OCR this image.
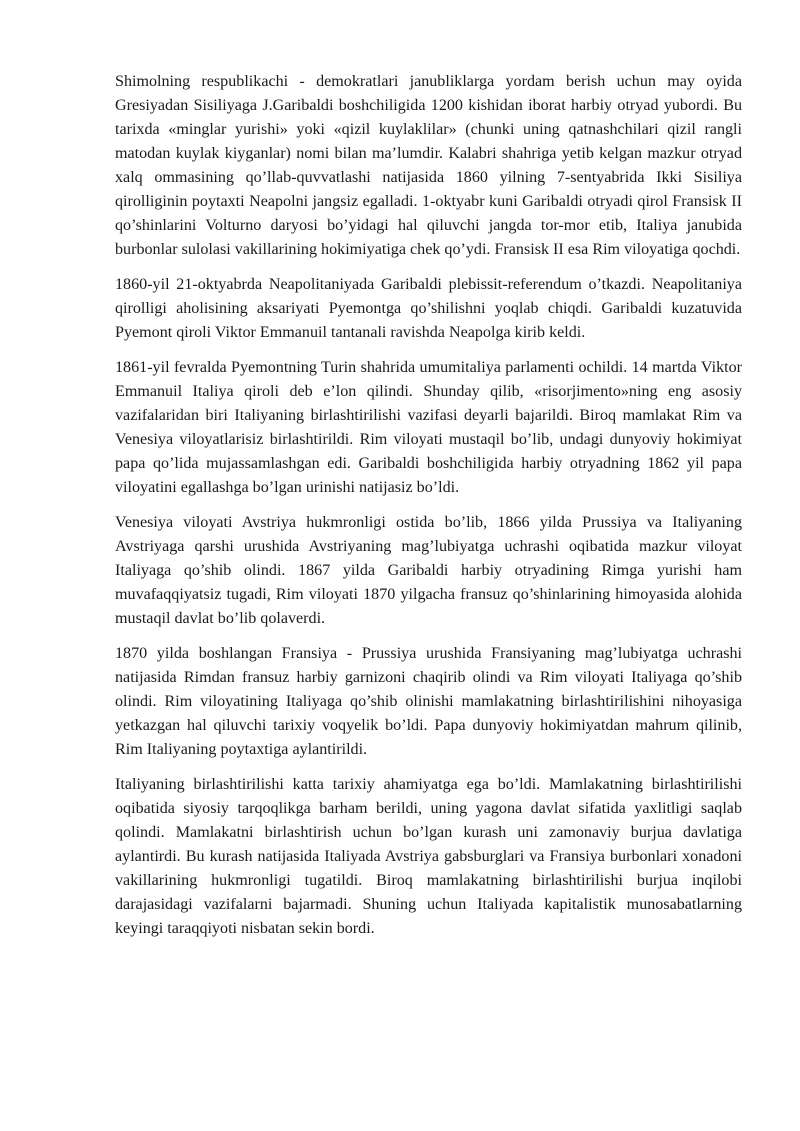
Shimolning respublikachi - demokratlari janubliklarga yordam berish uchun may oyida Gresiyadan Sisiliyaga J.Garibaldi boshchiligida 1200 kishidan iborat harbiy otryad yubordi. Bu tarixda «minglar yurishi» yoki «qizil kuylaklilar» (chunki uning qatnashchilari qizil rangli matodan kuylak kiyganlar) nomi bilan ma’lumdir. Kalabri shahriga yetib kelgan mazkur otryad xalq ommasining qo’llab-quvvatlashi natijasida 1860 yilning 7-sentyabrida Ikki Sisiliya qirolliginin poytaxti Neapolni jangsiz egalladi. 1-oktyabr kuni Garibaldi otryadi qirol Fransisk II qo’shinlarini Volturno daryosi bo’yidagi hal qiluvchi jangda tor-mor etib, Italiya janubida burbonlar sulolasi vakillarining hokimiyatiga chek qo’ydi. Fransisk II esa Rim viloyatiga qochdi.

1860-yil 21-oktyabrda Neapolitaniyada Garibaldi plebissit-referendum o’tkazdi. Neapolitaniya qirolligi aholisining aksariyati Pyemontga qo’shilishni yoqlab chiqdi. Garibaldi kuzatuvida Pyemont qiroli Viktor Emmanuil tantanali ravishda Neapolga kirib keldi.

1861-yil fevralda Pyemontning Turin shahrida umumitaliya parlamenti ochildi. 14 martda Viktor Emmanuil Italiya qiroli deb e’lon qilindi. Shunday qilib, «risorjimento»ning eng asosiy vazifalaridan biri Italiyaning birlashtirilishi vazifasi deyarli bajarildi. Biroq mamlakat Rim va Venesiya viloyatlarisiz birlashtirildi. Rim viloyati mustaqil bo’lib, undagi dunyoviy hokimiyat papa qo’lida mujassamlashgan edi. Garibaldi boshchiligida harbiy otryadning 1862 yil papa viloyatini egallashga bo’lgan urinishi natijasiz bo’ldi.

Venesiya viloyati Avstriya hukmronligi ostida bo’lib, 1866 yilda Prussiya va Italiyaning Avstriyaga qarshi urushida Avstriyaning mag’lubiyatga uchrashi oqibatida mazkur viloyat Italiyaga qo’shib olindi. 1867 yilda Garibaldi harbiy otryadining Rimga yurishi ham muvafaqqiyatsiz tugadi, Rim viloyati 1870 yilgacha fransuz qo’shinlarining himoyasida alohida mustaqil davlat bo’lib qolaverdi.

1870 yilda boshlangan Fransiya - Prussiya urushida Fransiyaning mag’lubiyatga uchrashi natijasida Rimdan fransuz harbiy garnizoni chaqirib olindi va Rim viloyati Italiyaga qo’shib olindi. Rim viloyatining Italiyaga qo’shib olinishi mamlakatning birlashtirilishini nihoyasiga yetkazgan hal qiluvchi tarixiy voqyelik bo’ldi. Papa dunyoviy hokimiyatdan mahrum qilinib, Rim Italiyaning poytaxtiga aylantirildi.

Italiyaning birlashtirilishi katta tarixiy ahamiyatga ega bo’ldi. Mamlakatning birlashtirilishi oqibatida siyosiy tarqoqlikga barham berildi, uning yagona davlat sifatida yaxlitligi saqlab qolindi. Mamlakatni birlashtirish uchun bo’lgan kurash uni zamonaviy burjua davlatiga aylantirdi. Bu kurash natijasida Italiyada Avstriya gabsburglari va Fransiya burbonlari xonadoni vakillarining hukmronligi tugatildi. Biroq mamlakatning birlashtirilishi burjua inqilobi darajasidagi vazifalarni bajarmadi. Shuning uchun Italiyada kapitalistik munosabatlarning keyingi taraqqiyoti nisbatan sekin bordi.
